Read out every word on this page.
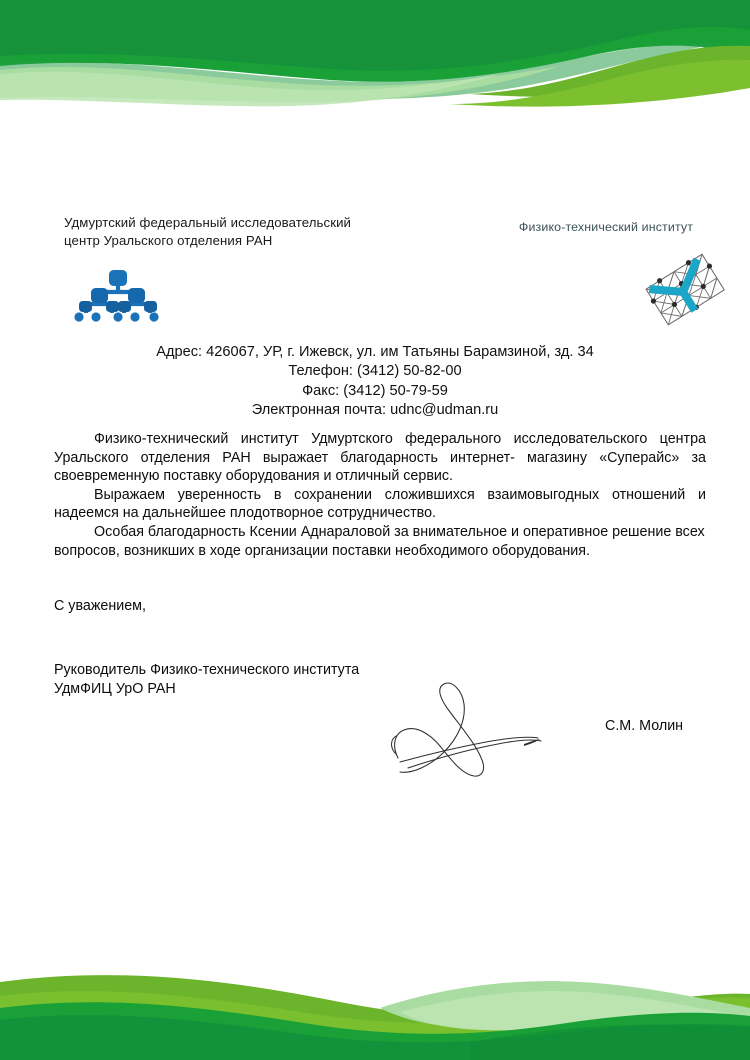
Удмуртский федеральный исследовательский
центр Уральского отделения РАН
Физико-технический институт
Адрес: 426067, УР, г. Ижевск, ул. им Татьяны Барамзиной, зд. 34
Телефон: (3412) 50-82-00
Факс: (3412) 50-79-59
Электронная почта: udnc@udman.ru

Физико-технический институт Удмуртского федерального исследовательского центра Уральского отделения РАН выражает благодарность интернет- магазину «Суперайс» за своевременную поставку оборудования и отличный сервис.

Выражаем уверенность в сохранении сложившихся взаимовыгодных отношений и надеемся на дальнейшее плодотворное сотрудничество.

Особая благодарность Ксении Аднараловой за внимательное и оперативное решение всех вопросов, возникших в ходе организации поставки необходимого оборудования.

С уважением,
Руководитель Физико-технического института
УдмФИЦ УрО РАН
С.М. Молин
